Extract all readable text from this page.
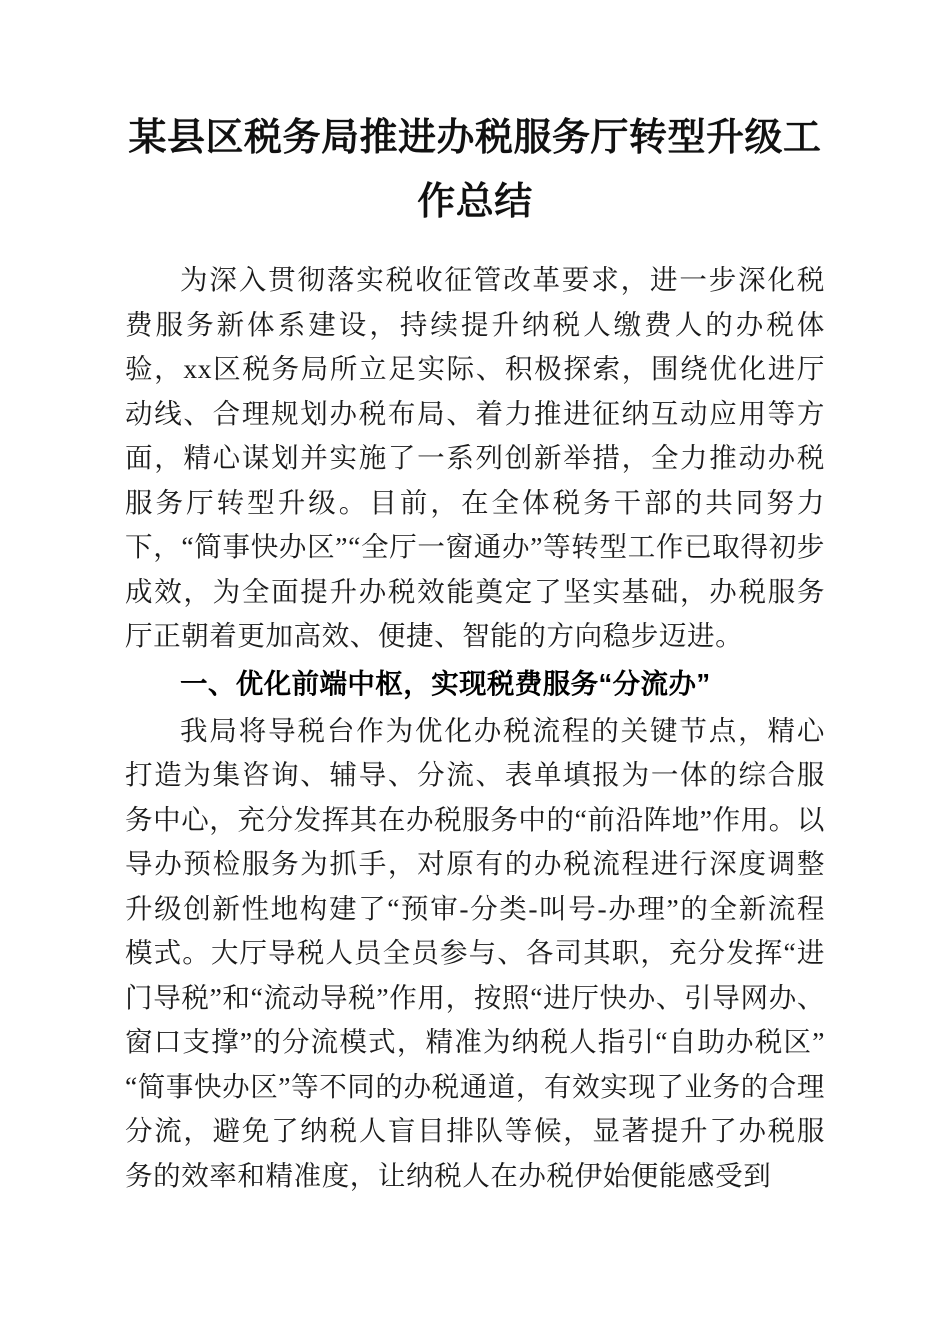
某县区税务局推进办税服务厅转型升级工
作总结

为深入贯彻落实税收征管改革要求，进一步深化税费服务新体系建设，持续提升纳税人缴费人的办税体验，xx区税务局所立足实际、积极探索，围绕优化进厅动线、合理规划办税布局、着力推进征纳互动应用等方面，精心谋划并实施了一系列创新举措，全力推动办税服务厅转型升级。目前，在全体税务干部的共同努力下，“简事快办区”“全厅一窗通办”等转型工作已取得初步成效，为全面提升办税效能奠定了坚实基础，办税服务厅正朝着更加高效、便捷、智能的方向稳步迈进。

一、优化前端中枢，实现税费服务“分流办”

我局将导税台作为优化办税流程的关键节点，精心打造为集咨询、辅导、分流、表单填报为一体的综合服务中心，充分发挥其在办税服务中的“前沿阵地”作用。以导办预检服务为抓手，对原有的办税流程进行深度调整升级创新性地构建了“预审-分类-叫号-办理”的全新流程模式。大厅导税人员全员参与、各司其职，充分发挥“进门导税”和“流动导税”作用，按照“进厅快办、引导网办、窗口支撑”的分流模式，精准为纳税人指引“自助办税区”“简事快办区”等不同的办税通道，有效实现了业务的合理分流，避免了纳税人盲目排队等候，显著提升了办税服务的效率和精准度，让纳税人在办税伊始便能感受到
